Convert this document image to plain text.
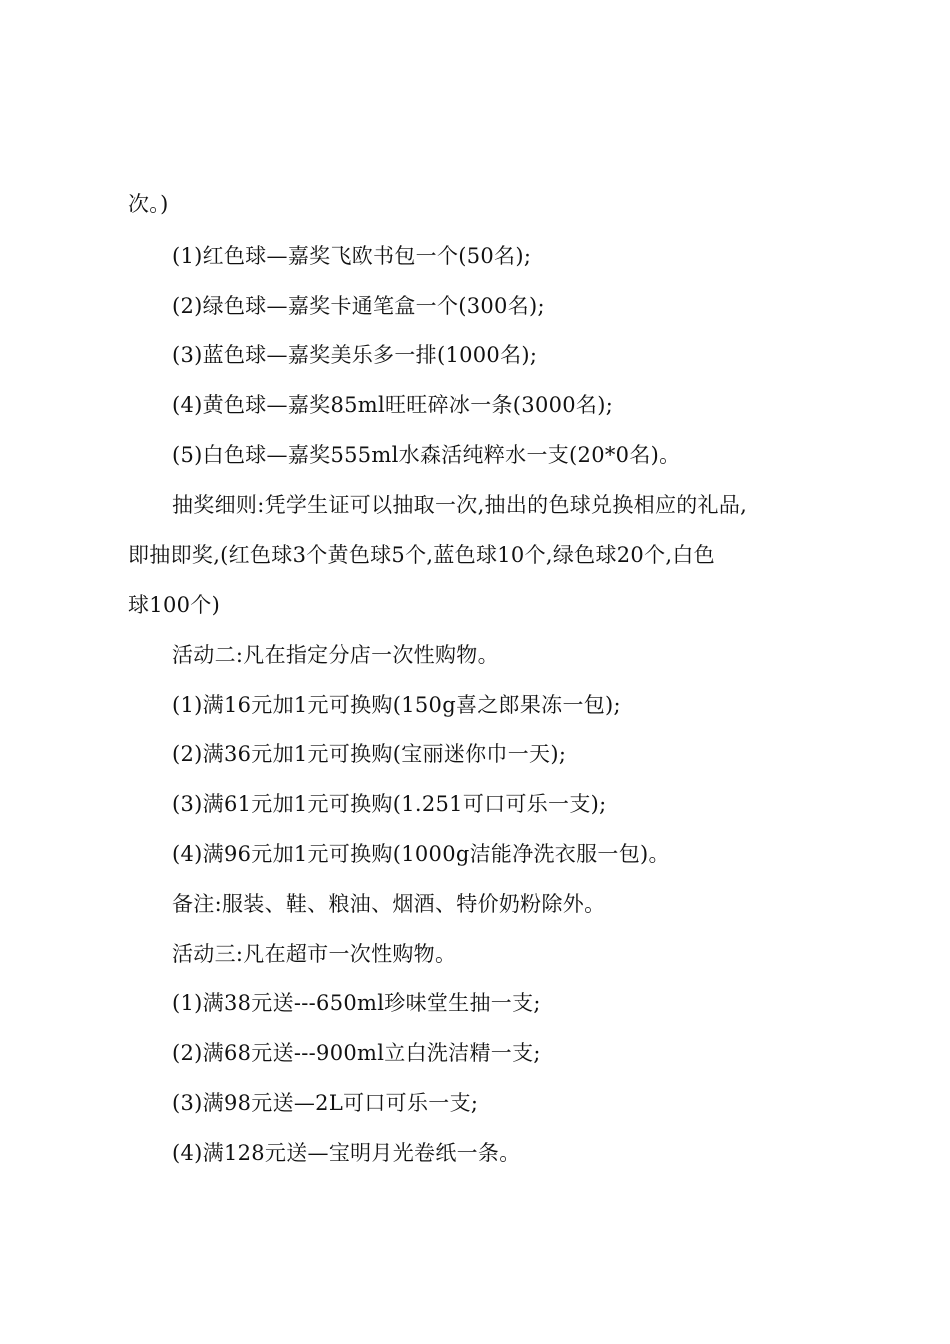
次。)
(1)红色球—嘉奖飞欧书包一个(50名);
(2)绿色球—嘉奖卡通笔盒一个(300名);
(3)蓝色球—嘉奖美乐多一排(1000名);
(4)黄色球—嘉奖85ml旺旺碎冰一条(3000名);
(5)白色球—嘉奖555ml水森活纯粹水一支(20*0名)。
抽奖细则:凭学生证可以抽取一次,抽出的色球兑换相应的礼品,
即抽即奖,(红色球3个黄色球5个,蓝色球10个,绿色球20个,白色
球100个)
活动二:凡在指定分店一次性购物。
(1)满16元加1元可换购(150g喜之郎果冻一包);
(2)满36元加1元可换购(宝丽迷你巾一天);
(3)满61元加1元可换购(1.251可口可乐一支);
(4)满96元加1元可换购(1000g洁能净洗衣服一包)。
备注:服装、鞋、粮油、烟酒、特价奶粉除外。
活动三:凡在超市一次性购物。
(1)满38元送---650ml珍味堂生抽一支;
(2)满68元送---900ml立白洗洁精一支;
(3)满98元送—2L可口可乐一支;
(4)满128元送—宝明月光卷纸一条。
